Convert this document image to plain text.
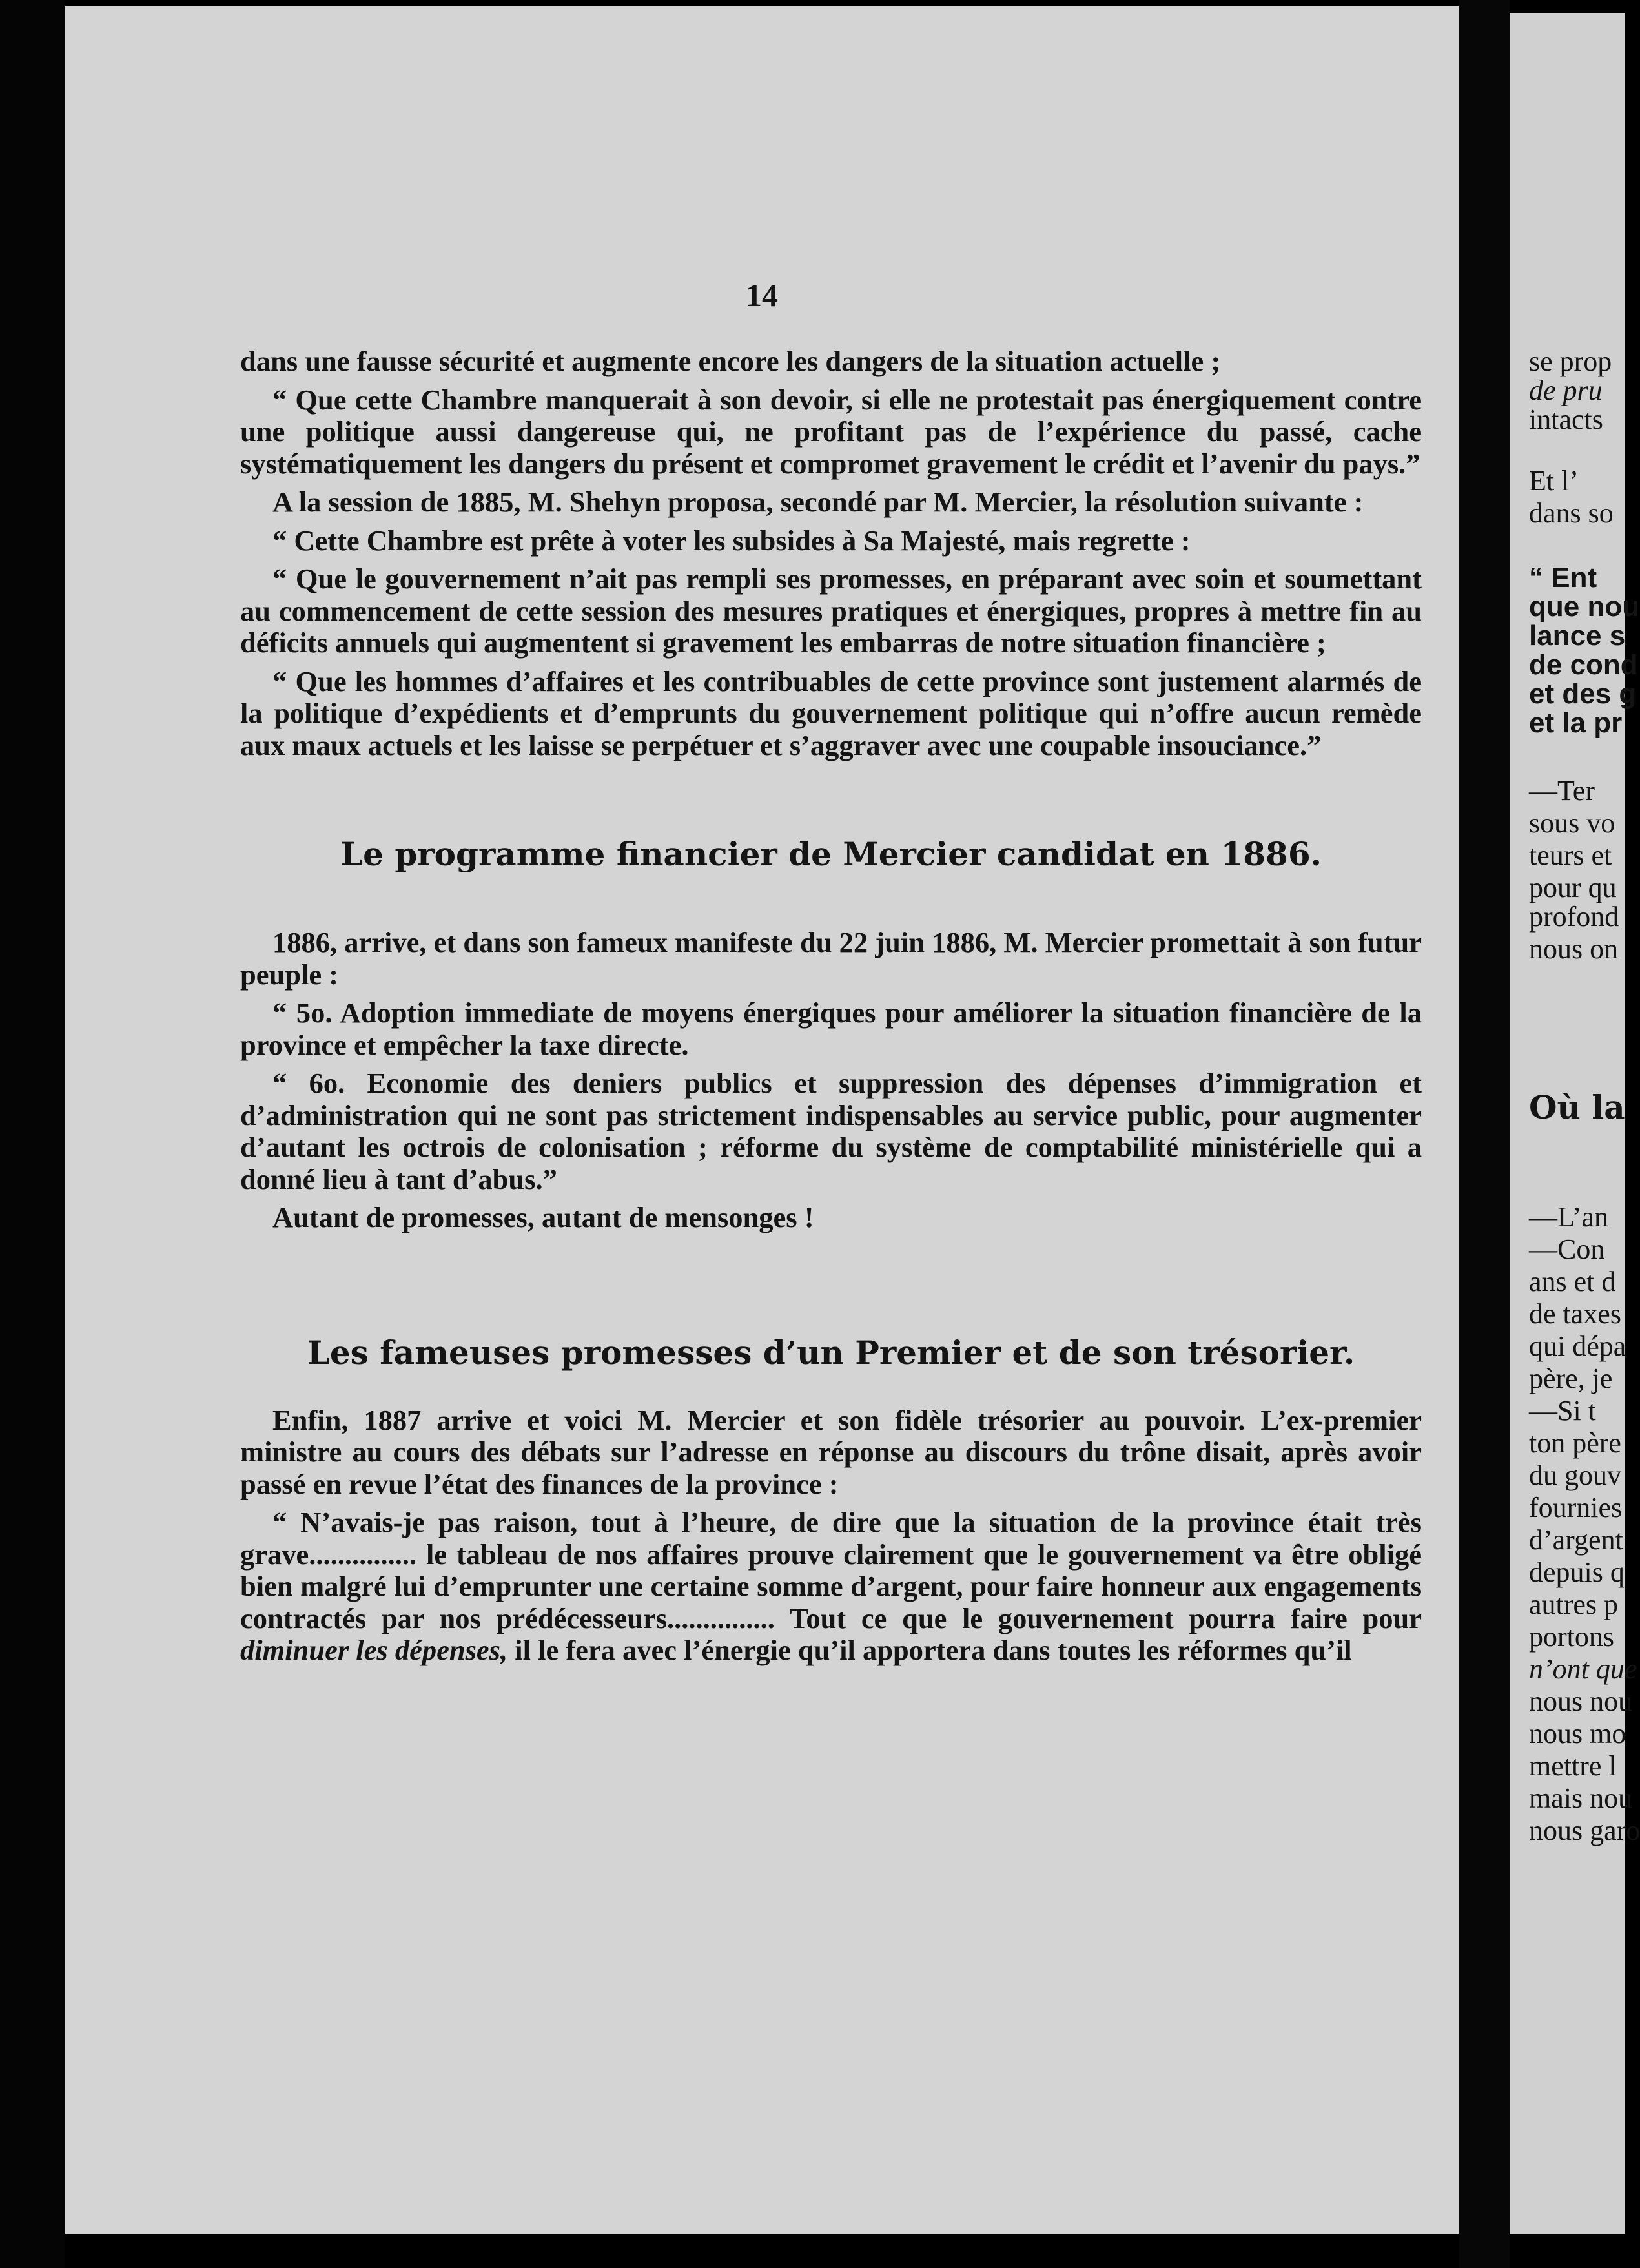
14

dans une fausse sécurité et augmente encore les dangers de la situation actuelle ;

“ Que cette Chambre manquerait à son devoir, si elle ne protestait pas énergiquement contre une politique aussi dangereuse qui, ne profitant pas de l’expérience du passé, cache systématiquement les dangers du présent et compromet gravement le crédit et l’avenir du pays.”

A la session de 1885, M. Shehyn proposa, secondé par M. Mercier, la résolution suivante :

“ Cette Chambre est prête à voter les subsides à Sa Majesté, mais regrette :

“ Que le gouvernement n’ait pas rempli ses promesses, en préparant avec soin et soumettant au commencement de cette session des mesures pratiques et énergiques, propres à mettre fin au déficits annuels qui augmentent si gravement les embarras de notre situation financière ;

“ Que les hommes d’affaires et les contribuables de cette province sont justement alarmés de la politique d’expédients et d’emprunts du gouvernement politique qui n’offre aucun remède aux maux actuels et les laisse se perpétuer et s’aggraver avec une coupable insouciance.”

Le programme financier de Mercier candidat en 1886.

1886, arrive, et dans son fameux manifeste du 22 juin 1886, M. Mercier promettait à son futur peuple :

“ 5o. Adoption immediate de moyens énergiques pour améliorer la situation financière de la province et empêcher la taxe directe.

“ 6o. Economie des deniers publics et suppression des dépenses d’immigration et d’administration qui ne sont pas strictement indispensables au service public, pour augmenter d’autant les octrois de colonisation ; réforme du système de comptabilité ministérielle qui a donné lieu à tant d’abus.”

Autant de promesses, autant de mensonges !

Les fameuses promesses d’un Premier et de son trésorier.

Enfin, 1887 arrive et voici M. Mercier et son fidèle trésorier au pouvoir. L’ex-premier ministre au cours des débats sur l’adresse en réponse au discours du trône disait, après avoir passé en revue l’état des finances de la province :

“ N’avais-je pas raison, tout à l’heure, de dire que la situation de la province était très grave............... le tableau de nos affaires prouve clairement que le gouvernement va être obligé bien malgré lui d’emprunter une certaine somme d’argent, pour faire honneur aux engagements contractés par nos prédécesseurs............... Tout ce que le gouvernement pourra faire pour diminuer les dépenses, il le fera avec l’énergie qu’il apportera dans toutes les réformes qu’il

se prop
de pru
intacts
Et l’
dans so
“ Ent
que nou
lance s
de cond
et des g
et la pr
—Ter
sous vo
teurs et
pour qu
profond
nous on
Où la
—L’an
—Con
ans et d
de taxes
qui dépa
père, je
—Si t
ton père
du gouv
fournies
d’argent
depuis q
autres p
portons
n’ont que
nous nou
nous mo
mettre l
mais nou
nous garo
